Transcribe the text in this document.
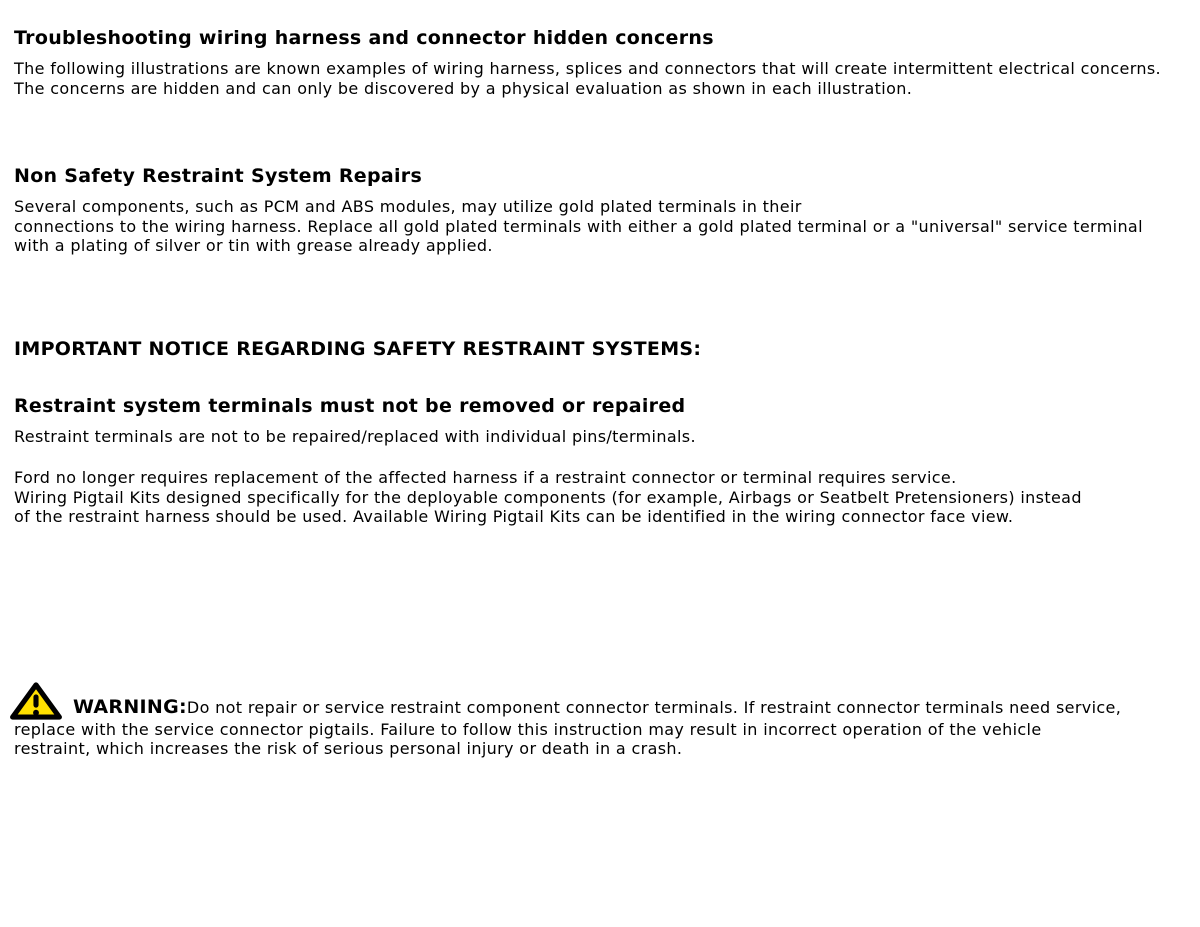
Troubleshooting wiring harness and connector hidden concerns
The following illustrations are known examples of wiring harness, splices and connectors that will create intermittent electrical concerns.
The concerns are hidden and can only be discovered by a physical evaluation as shown in each illustration.
Non Safety Restraint System Repairs
Several components, such as PCM and ABS modules, may utilize gold plated terminals in their
connections to the wiring harness. Replace all gold plated terminals with either a gold plated terminal or a "universal" service terminal
with a plating of silver or tin with grease already applied.
IMPORTANT NOTICE REGARDING SAFETY RESTRAINT SYSTEMS:
Restraint system terminals must not be removed or repaired
Restraint terminals are not to be repaired/replaced with individual pins/terminals.
Ford no longer requires replacement of the affected harness if a restraint connector or terminal requires service.
Wiring Pigtail Kits designed specifically for the deployable components (for example, Airbags or Seatbelt Pretensioners) instead
of the restraint harness should be used. Available Wiring Pigtail Kits can be identified in the wiring connector face view.
WARNING:Do not repair or service restraint component connector terminals. If restraint connector terminals need service,
replace with the service connector pigtails. Failure to follow this instruction may result in incorrect operation of the vehicle
restraint, which increases the risk of serious personal injury or death in a crash.
